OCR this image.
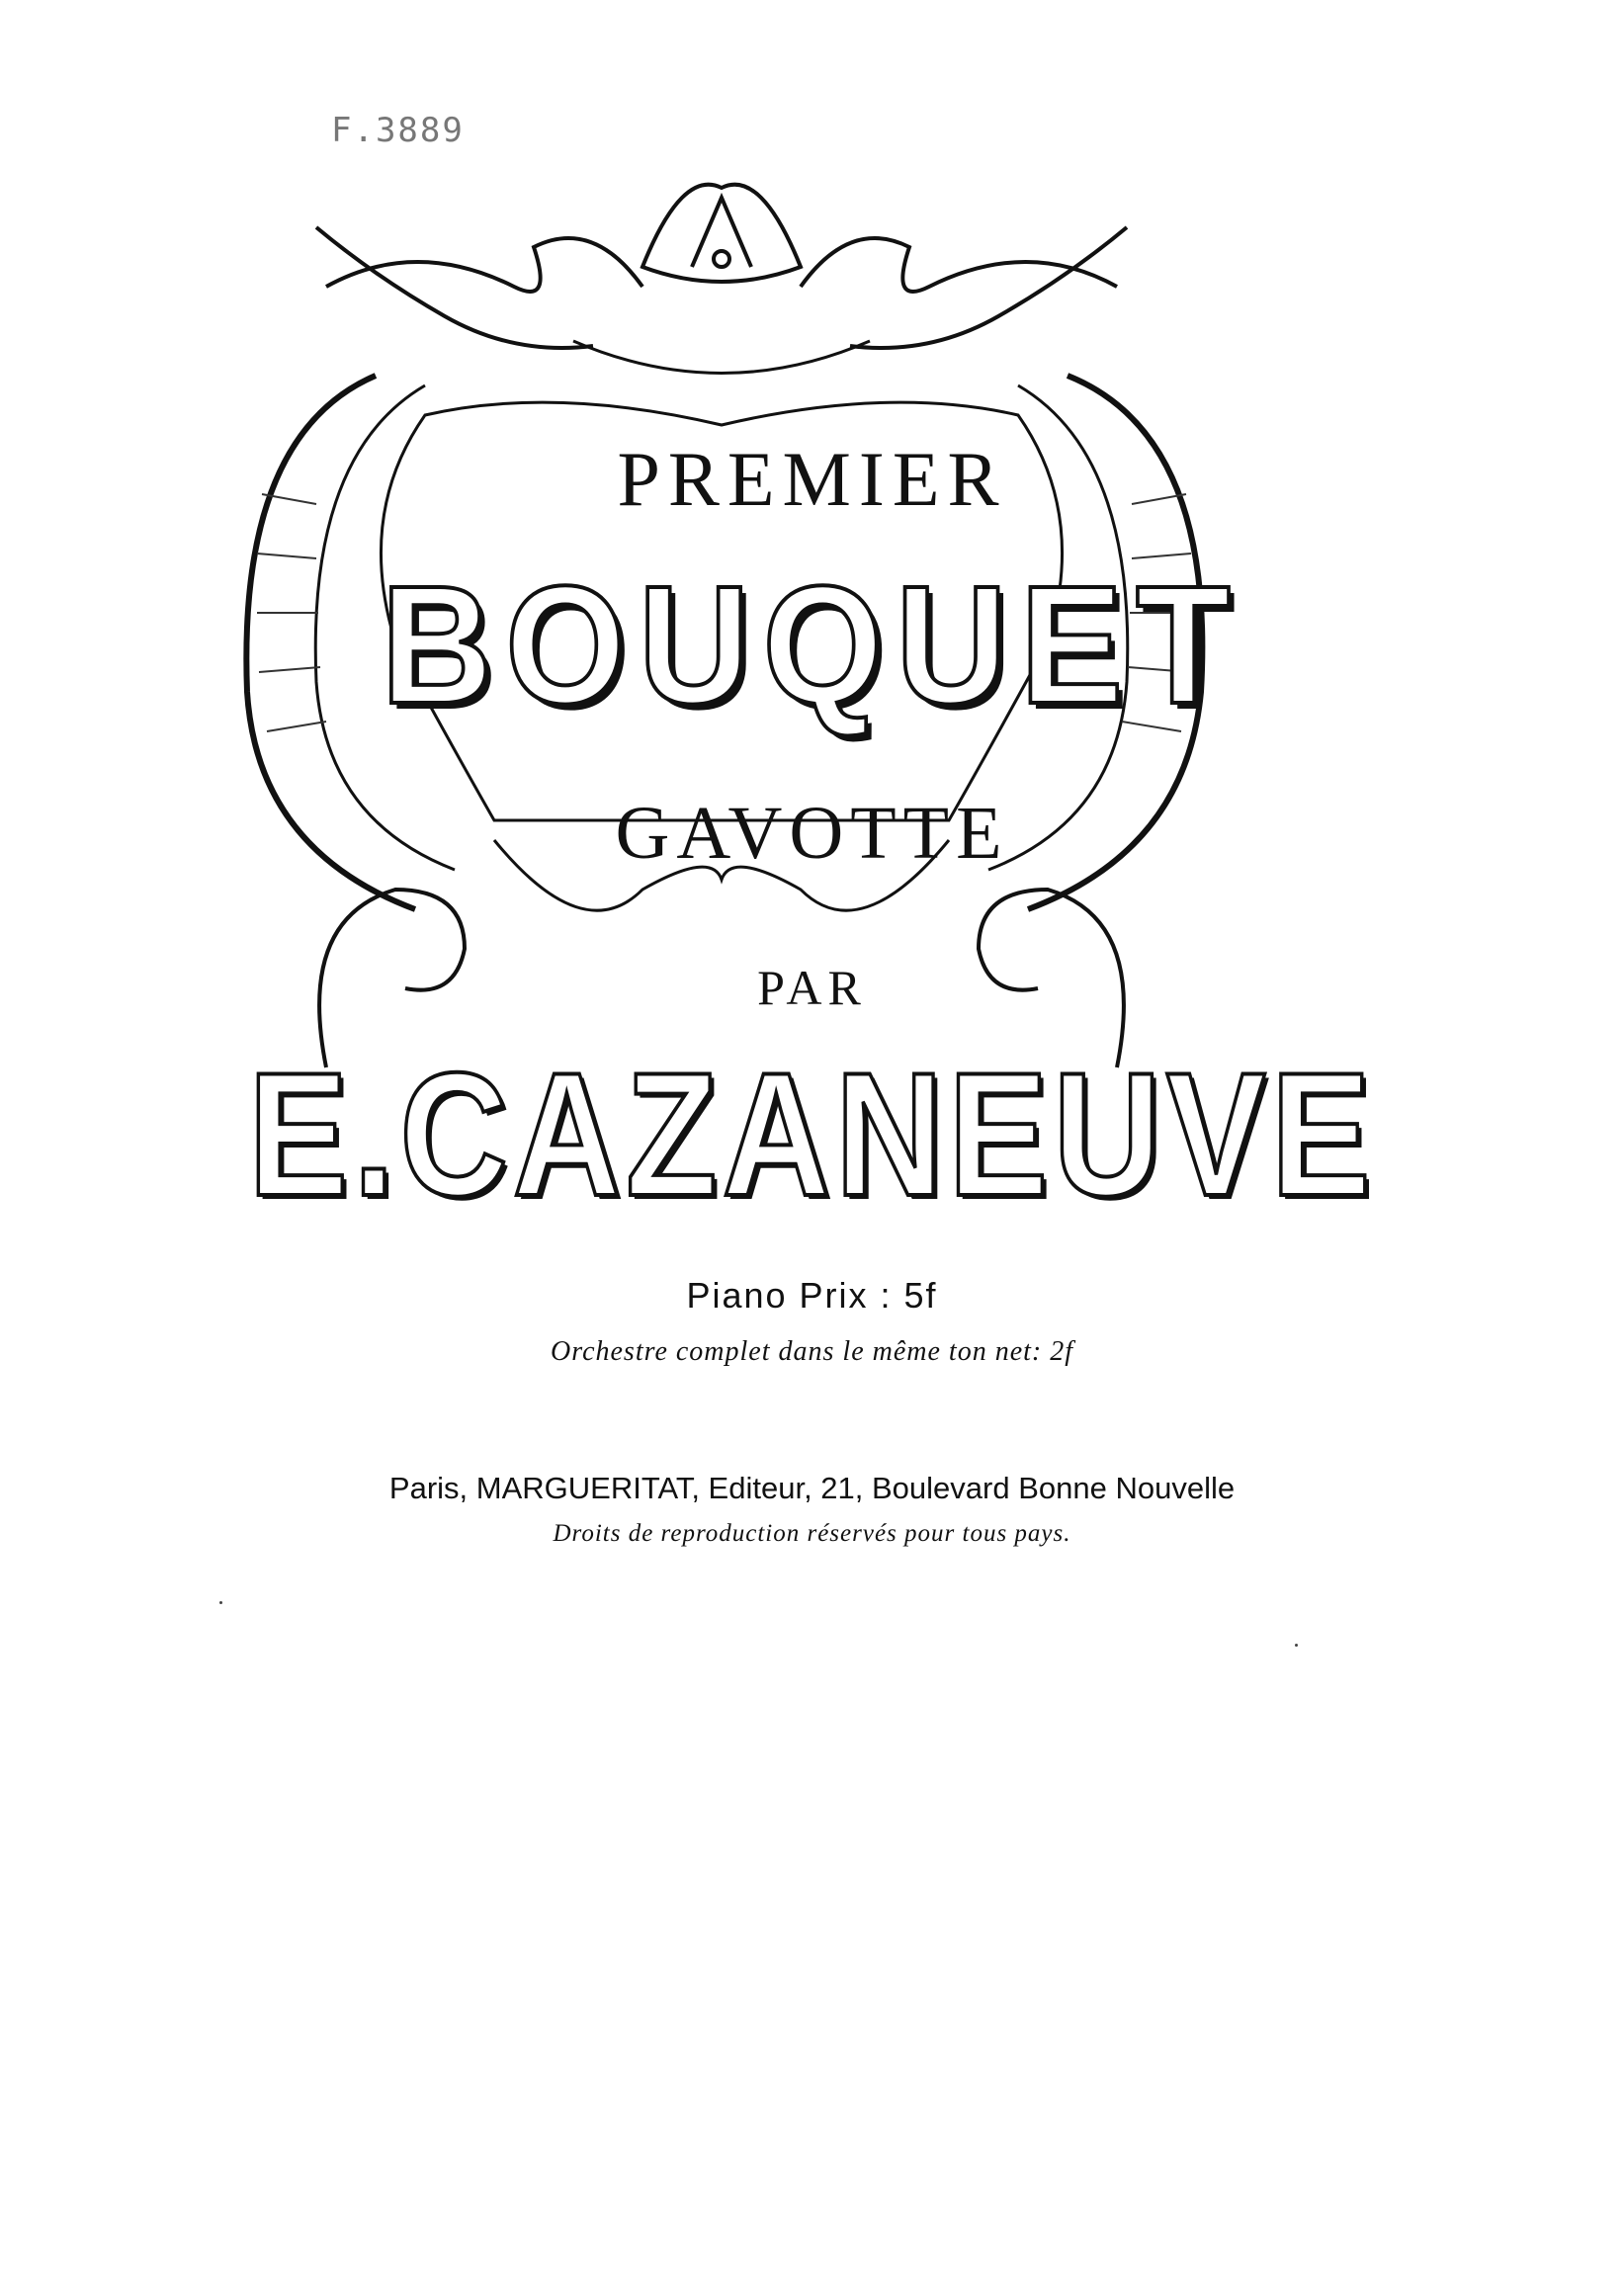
F.3889
PREMIER
BOUQUET
GAVOTTE
PAR
E.CAZANEUVE
Piano Prix : 5f
Orchestre complet dans le même ton net: 2f
Paris, MARGUERITAT, Editeur, 21, Boulevard Bonne Nouvelle
Droits de reproduction réservés pour tous pays.
